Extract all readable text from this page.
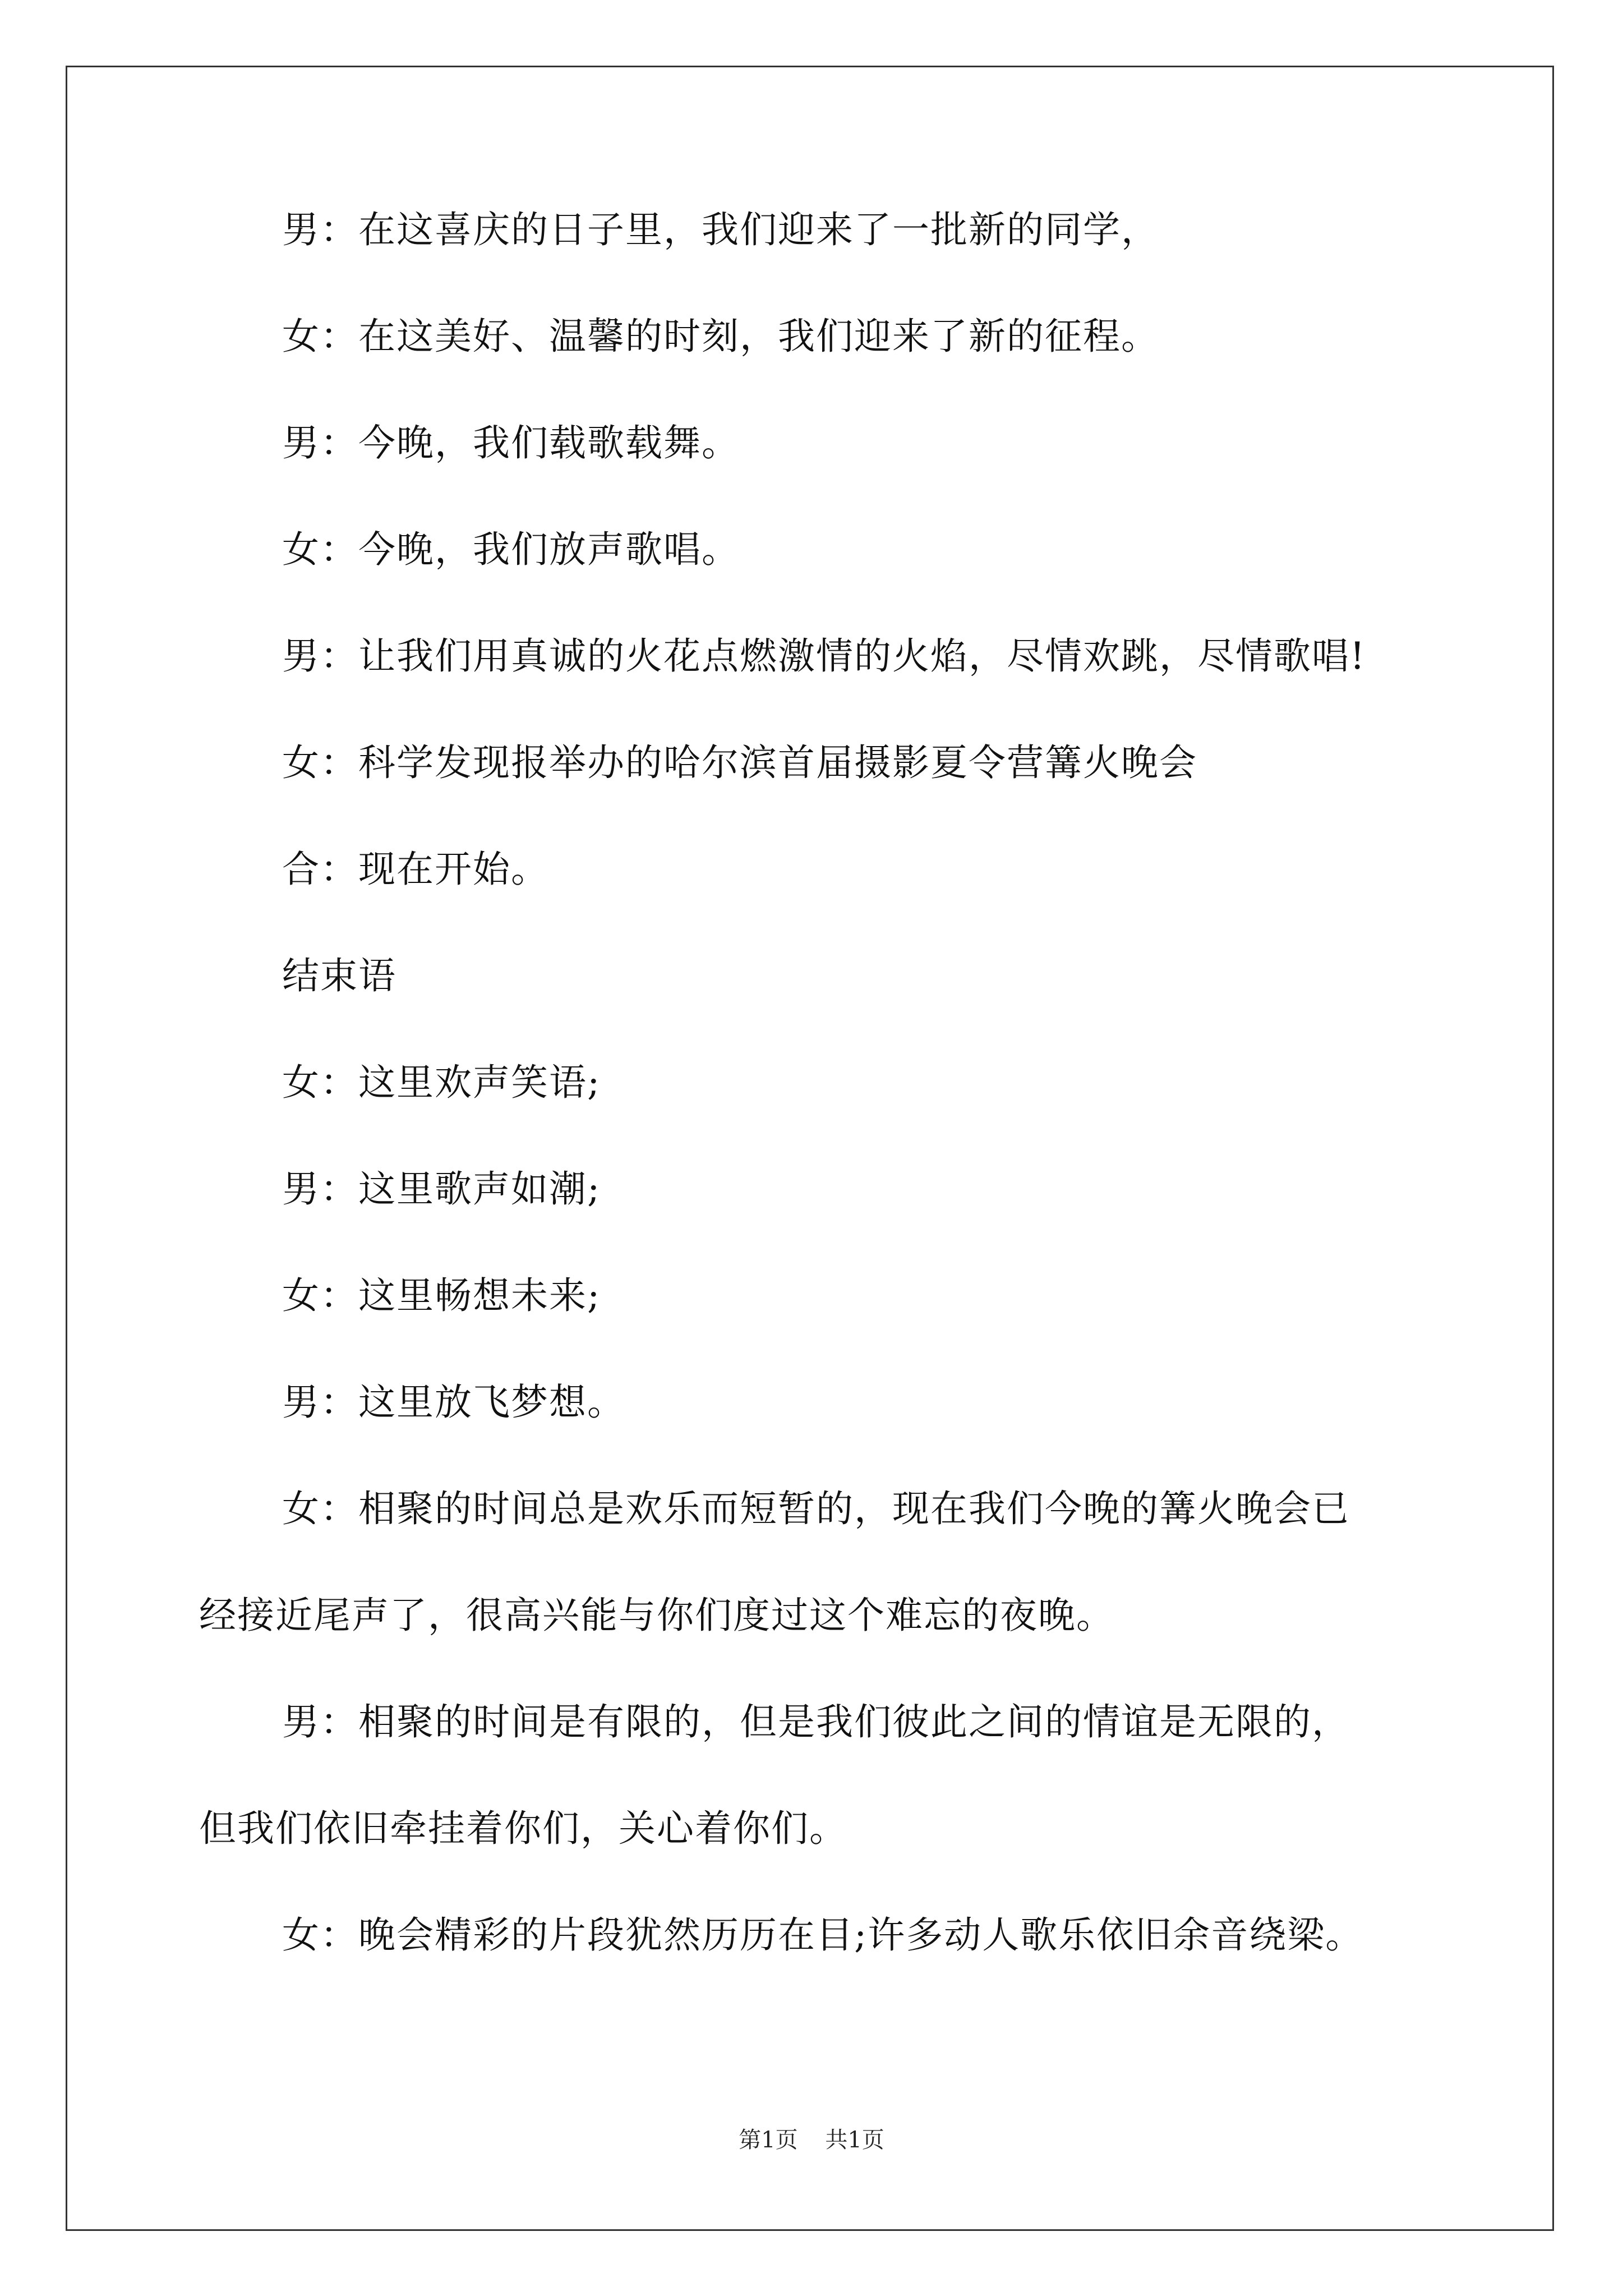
男：在这喜庆的日子里，我们迎来了一批新的同学，
女：在这美好、温馨的时刻，我们迎来了新的征程。
男：今晚，我们载歌载舞。
女：今晚，我们放声歌唱。
男：让我们用真诚的火花点燃激情的火焰，尽情欢跳，尽情歌唱!
女：科学发现报举办的哈尔滨首届摄影夏令营篝火晚会
合：现在开始。
结束语
女：这里欢声笑语;
男：这里歌声如潮;
女：这里畅想未来;
男：这里放飞梦想。
女：相聚的时间总是欢乐而短暂的，现在我们今晚的篝火晚会已
经接近尾声了，很高兴能与你们度过这个难忘的夜晚。
男：相聚的时间是有限的，但是我们彼此之间的情谊是无限的，
但我们依旧牵挂着你们，关心着你们。
女：晚会精彩的片段犹然历历在目;许多动人歌乐依旧余音绕梁。
第1页 共1页
